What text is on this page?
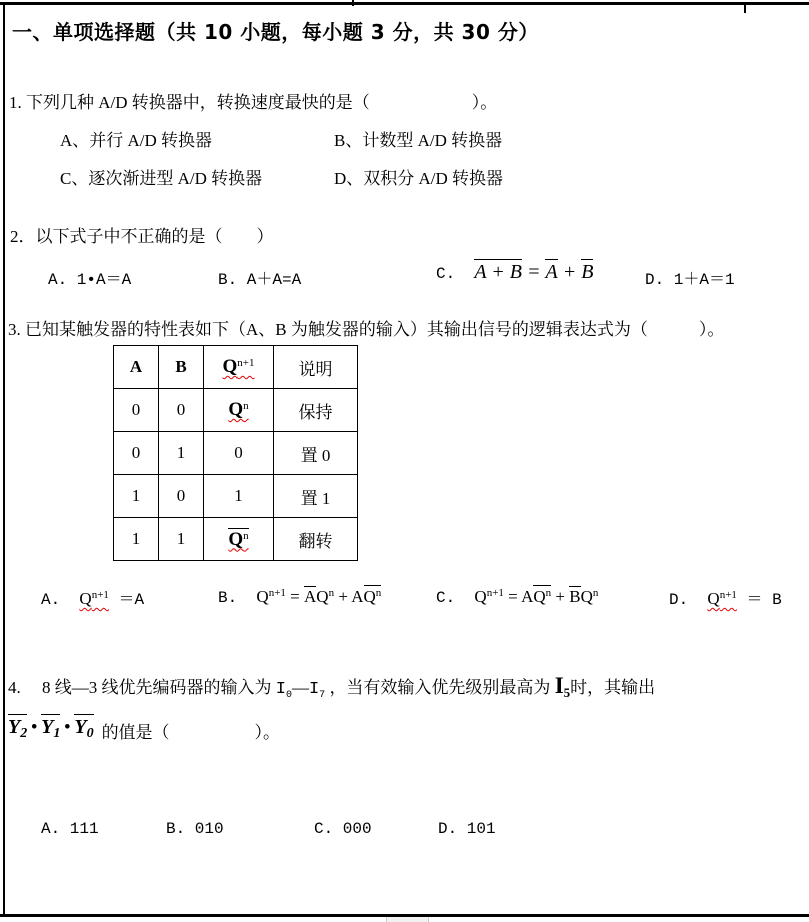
一、单项选择题（共 10 小题，每小题 3 分，共 30 分）
1. 下列几种 A/D 转换器中，转换速度最快的是（　　　　　　）。
A、并行 A/D 转换器	B、计数型 A/D 转换器
C、逐次渐进型 A/D 转换器	D、双积分 A/D 转换器
2．以下式子中不正确的是（　　）
A. 1•A＝A	B. A＋A=A	C.  A + B = A + B	D. 1＋A＝1
3. 已知某触发器的特性表如下（A、B 为触发器的输入）其输出信号的逻辑表达式为（　　　）。
A	B	$Q^{n+1}$	说明
0	0	$Q^n$	保持
0	1	0	置 0
1	0	1	置 1
1	1	$Q^n$	翻转
A.  $Q^{n+1} =A$	B.  $Q^{n+1} = AQ^n + AQ^n$	C.  $Q^{n+1} = AQ^n + BQ^n$	D.  $Q^{n+1} = B$
4.　 8 线—3 线优先编码器的输入为 $I_0—I_7$ ，当有效输入优先级别最高为 $I_5$时，其输出
$Y_2$ • $Y_1$ • $Y_0$ 的值是（　　　　　）。
A. 111	B. 010	C. 000	D. 101
